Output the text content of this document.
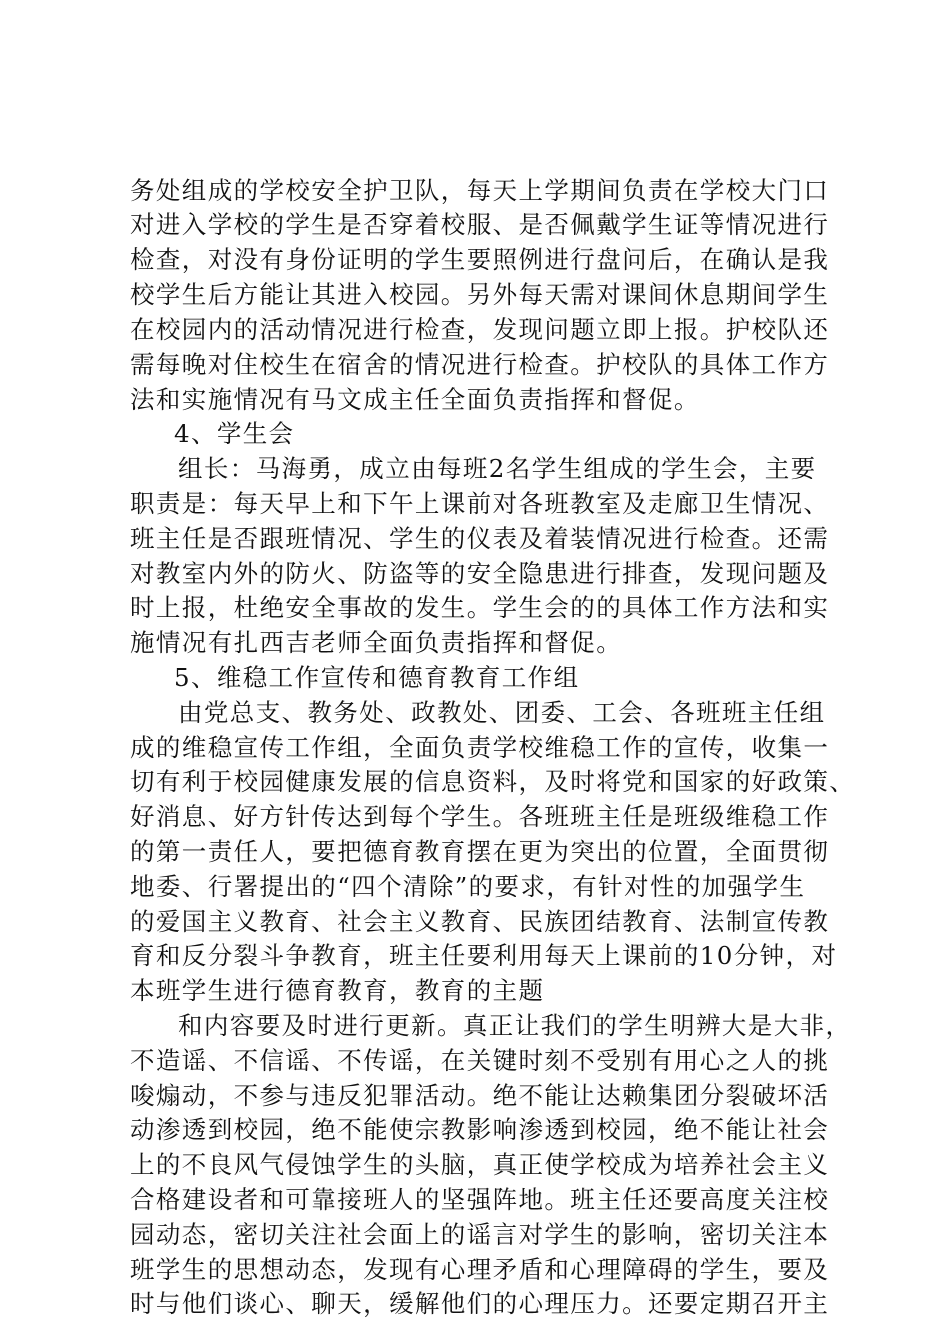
务处组成的学校安全护卫队，每天上学期间负责在学校大门口
对进入学校的学生是否穿着校服、是否佩戴学生证等情况进行
检查，对没有身份证明的学生要照例进行盘问后，在确认是我
校学生后方能让其进入校园。另外每天需对课间休息期间学生
在校园内的活动情况进行检查，发现问题立即上报。护校队还
需每晚对住校生在宿舍的情况进行检查。护校队的具体工作方
法和实施情况有马文成主任全面负责指挥和督促。
4、学生会
组长：马海勇，成立由每班2名学生组成的学生会，主要
职责是：每天早上和下午上课前对各班教室及走廊卫生情况、
班主任是否跟班情况、学生的仪表及着装情况进行检查。还需
对教室内外的防火、防盗等的安全隐患进行排查，发现问题及
时上报，杜绝安全事故的发生。学生会的的具体工作方法和实
施情况有扎西吉老师全面负责指挥和督促。
5、维稳工作宣传和德育教育工作组
由党总支、教务处、政教处、团委、工会、各班班主任组
成的维稳宣传工作组，全面负责学校维稳工作的宣传，收集一
切有利于校园健康发展的信息资料，及时将党和国家的好政策、
好消息、好方针传达到每个学生。各班班主任是班级维稳工作
的第一责任人，要把德育教育摆在更为突出的位置，全面贯彻
地委、行署提出的“四个清除”的要求，有针对性的加强学生
的爱国主义教育、社会主义教育、民族团结教育、法制宣传教
育和反分裂斗争教育，班主任要利用每天上课前的10分钟，对
本班学生进行德育教育，教育的主题
和内容要及时进行更新。真正让我们的学生明辨大是大非，
不造谣、不信谣、不传谣，在关键时刻不受别有用心之人的挑
唆煽动，不参与违反犯罪活动。绝不能让达赖集团分裂破坏活
动渗透到校园，绝不能使宗教影响渗透到校园，绝不能让社会
上的不良风气侵蚀学生的头脑，真正使学校成为培养社会主义
合格建设者和可靠接班人的坚强阵地。班主任还要高度关注校
园动态，密切关注社会面上的谣言对学生的影响，密切关注本
班学生的思想动态，发现有心理矛盾和心理障碍的学生，要及
时与他们谈心、聊天，缓解他们的心理压力。还要定期召开主
